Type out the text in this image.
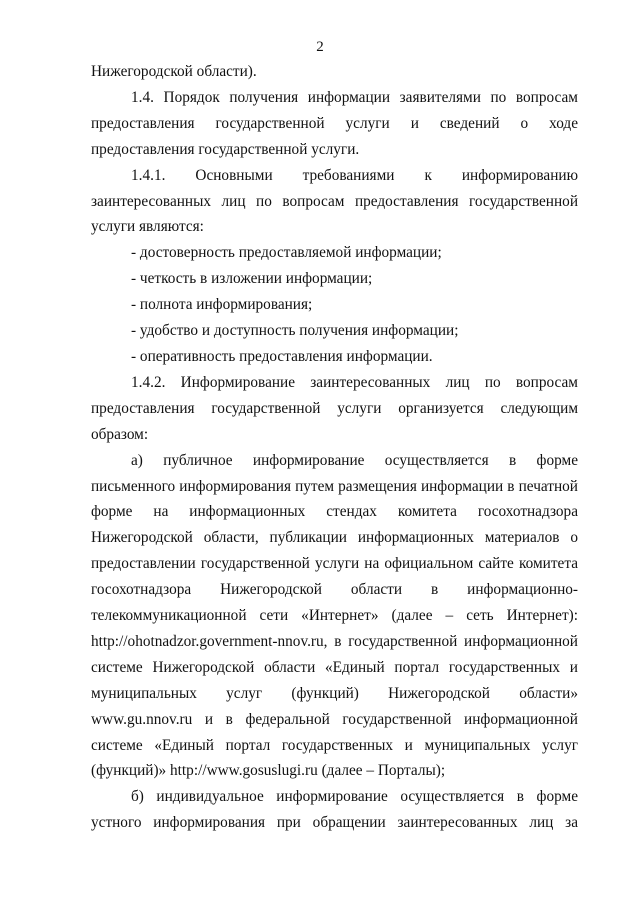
2

Нижегородской области).

1.4. Порядок получения информации заявителями по вопросам предоставления государственной услуги и сведений о ходе предоставления государственной услуги.

1.4.1. Основными требованиями к информированию заинтересованных лиц по вопросам предоставления государственной услуги являются:

- достоверность предоставляемой информации;

- четкость в изложении информации;

- полнота информирования;

- удобство и доступность получения информации;

- оперативность предоставления информации.

1.4.2. Информирование заинтересованных лиц по вопросам предоставления государственной услуги организуется следующим образом:

а) публичное информирование осуществляется в форме письменного информирования путем размещения информации в печатной форме на информационных стендах комитета госохотнадзора Нижегородской области, публикации информационных материалов о предоставлении государственной услуги на официальном сайте комитета госохотнадзора Нижегородской области в информационно-телекоммуникационной сети «Интернет» (далее – сеть Интернет): http://ohotnadzor.government-nnov.ru, в государственной информационной системе Нижегородской области «Единый портал государственных и муниципальных услуг (функций) Нижегородской области» www.gu.nnov.ru и в федеральной государственной информационной системе «Единый портал государственных и муниципальных услуг (функций)» http://www.gosuslugi.ru (далее – Порталы);

б) индивидуальное информирование осуществляется в форме устного информирования при обращении заинтересованных лиц за
